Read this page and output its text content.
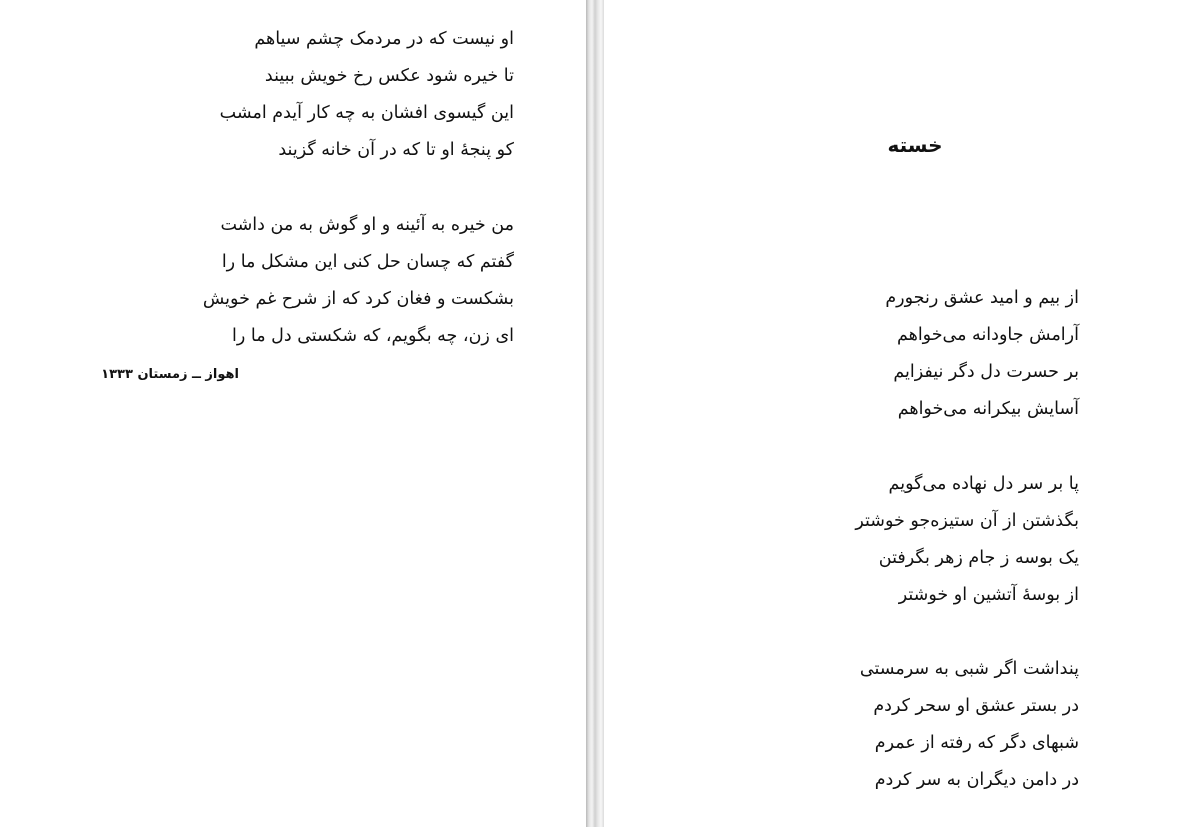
او نیست که در مردمک چشم سیاهم
تا خیره شود عکس رخ خویش ببیند
این گیسوی افشان به چه کار آیدم امشب
کو پنجهٔ او تا که در آن خانه گزیند
من خیره به آئینه و او گوش به من داشت
گفتم که چسان حل کنی این مشکل ما را
بشکست و فغان کرد که از شرح غم خویش
ای زن، چه بگویم، که شکستی دل ما را
اهواز ــ زمستان ۱۳۳۳
خسته
از بیم و امید عشق رنجورم
آرامش جاودانه می‌خواهم
بر حسرت دل دگر نیفزایم
آسایش بیکرانه می‌خواهم
پا بر سر دل نهاده می‌گویم
بگذشتن از آن ستیزه‌جو خوشتر
یک بوسه ز جام زهر بگرفتن
از بوسهٔ آتشین او خوشتر
پنداشت اگر شبی به سرمستی
در بستر عشق او سحر کردم
شبهای دگر که رفته از عمرم
در دامن دیگران به سر کردم
